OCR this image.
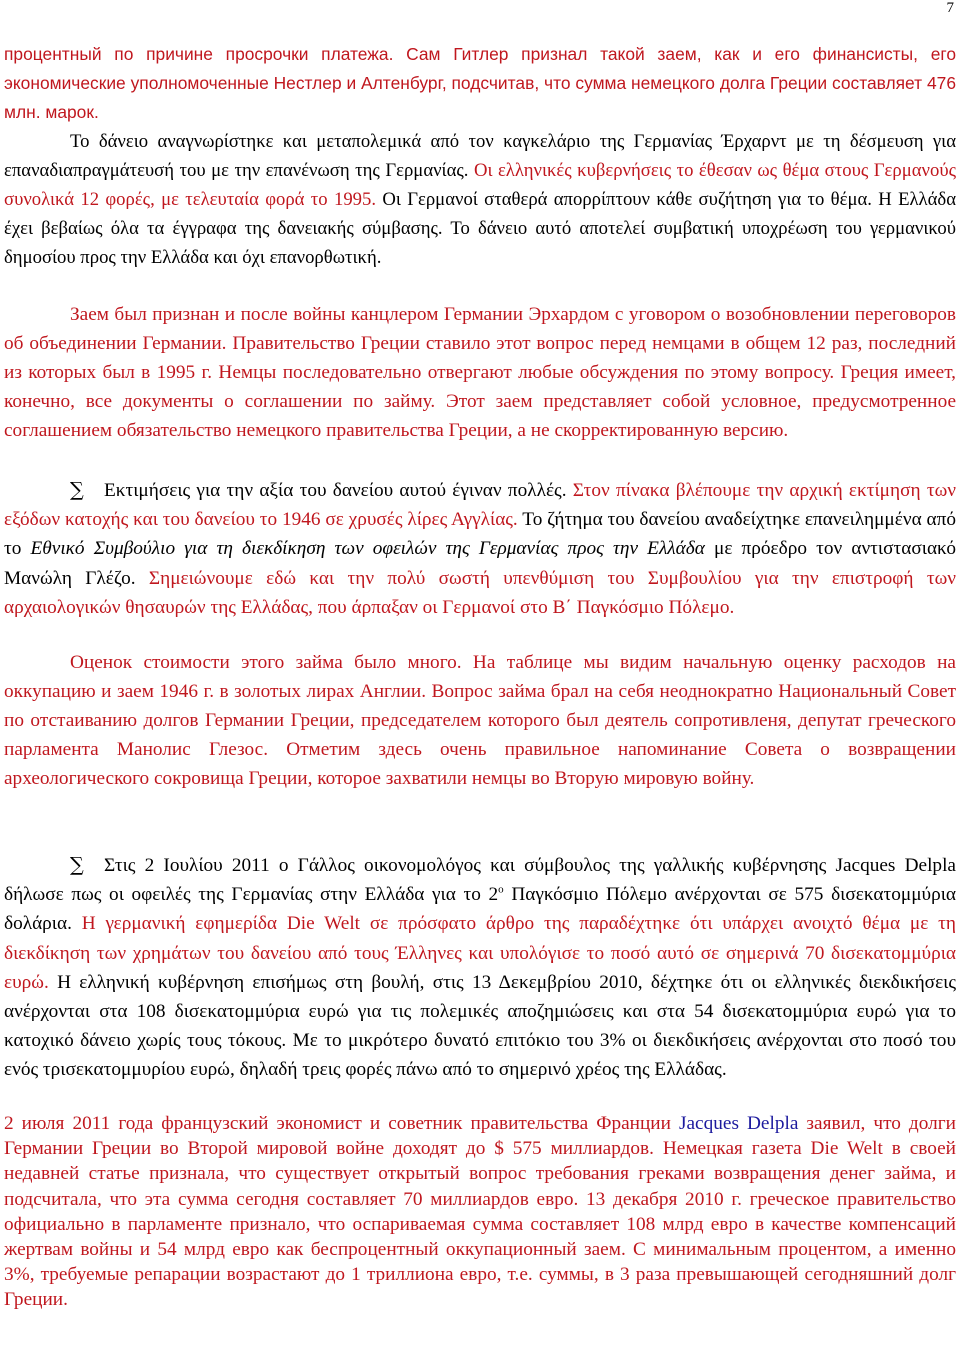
7

процентный по причине просрочки платежа. Сам Гитлер признал такой заем, как и его финансисты, его экономические уполномоченные Нестлер и Алтенбург, подсчитав, что сумма немецкого долга Греции составляет 476 млн. марок.

Το δάνειο αναγνωρίστηκε και μεταπολεμικά από τον καγκελάριο της Γερμανίας Έρχαρντ με τη δέσμευση για επαναδιαπραγμάτευσή του με την επανένωση της Γερμανίας. Οι ελληνικές κυβερνήσεις το έθεσαν ως θέμα στους Γερμανούς συνολικά 12 φορές, με τελευταία φορά το 1995. Οι Γερμανοί σταθερά απορρίπτουν κάθε συζήτηση για το θέμα. Η Ελλάδα έχει βεβαίως όλα τα έγγραφα της δανειακής σύμβασης. Το δάνειο αυτό αποτελεί συμβατική υποχρέωση του γερμανικού δημοσίου προς την Ελλάδα και όχι επανορθωτική.

Заем был признан и после войны канцлером Германии Эрхардом с уговором о возобновлении переговоров об объединении Германии. Правительство Греции ставило этот вопрос перед немцами в общем 12 раз, последний из которых был в 1995 г. Немцы последовательно отвергают любые обсуждения по этому вопросу. Греция имеет, конечно, все документы о соглашении по займу. Этот заем представляет собой условное, предусмотренное соглашением обязательство немецкого правительства Греции, а не скорректированную версию.

∑ Εκτιμήσεις για την αξία του δανείου αυτού έγιναν πολλές. Στον πίνακα βλέπουμε την αρχική εκτίμηση των εξόδων κατοχής και του δανείου το 1946 σε χρυσές λίρες Αγγλίας. Το ζήτημα του δανείου αναδείχτηκε επανειλημμένα από το Εθνικό Συμβούλιο για τη διεκδίκηση των οφειλών της Γερμανίας προς την Ελλάδα με πρόεδρο τον αντιστασιακό Μανώλη Γλέζο. Σημειώνουμε εδώ και την πολύ σωστή υπενθύμιση του Συμβουλίου για την επιστροφή των αρχαιολογικών θησαυρών της Ελλάδας, που άρπαξαν οι Γερμανοί στο Β΄ Παγκόσμιο Πόλεμο.

Оценок стоимости этого займа было много. На таблице мы видим начальную оценку расходов на оккупацию и заем 1946 г. в золотых лирах Англии. Вопрос займа брал на себя неоднократно Национальный Совет по отстаиванию долгов Германии Греции, председателем которого был деятель сопротивленя, депутат греческого парламента Манолис Глезос. Отметим здесь очень правильное напоминание Совета о возвращении археологического сокровища Греции, которое захватили немцы во Вторую мировую войну.

∑ Στις 2 Ιουλίου 2011 ο Γάλλος οικονομολόγος και σύμβουλος της γαλλικής κυβέρνησης Jacques Delpla δήλωσε πως οι οφειλές της Γερμανίας στην Ελλάδα για το $2^o$ Παγκόσμιο Πόλεμο ανέρχονται σε 575 δισεκατομμύρια δολάρια. Η γερμανική εφημερίδα Die Welt σε πρόσφατο άρθρο της παραδέχτηκε ότι υπάρχει ανοιχτό θέμα με τη διεκδίκηση των χρημάτων του δανείου από τους Έλληνες και υπολόγισε το ποσό αυτό σε σημερινά 70 δισεκατομμύρια ευρώ. Η ελληνική κυβέρνηση επισήμως στη βουλή, στις 13 Δεκεμβρίου 2010, δέχτηκε ότι οι ελληνικές διεκδικήσεις ανέρχονται στα 108 δισεκατομμύρια ευρώ για τις πολεμικές αποζημιώσεις και στα 54 δισεκατομμύρια ευρώ για το κατοχικό δάνειο χωρίς τους τόκους. Με το μικρότερο δυνατό επιτόκιο του 3% οι διεκδικήσεις ανέρχονται στο ποσό του ενός τρισεκατομμυρίου ευρώ, δηλαδή τρεις φορές πάνω από το σημερινό χρέος της Ελλάδας.

2 июля 2011 года французский экономист и советник правительства Франции Jacques Delpla заявил, что долги Германии Греции во Второй мировой войне доходят до $ 575 миллиардов. Немецкая газета Die Welt в своей недавней статье признала, что существует открытый вопрос требования греками возвращения денег займа, и подсчитала, что эта сумма сегодня составляет 70 миллиардов евро. 13 декабря 2010 г. греческое правительство официально в парламенте признало, что оспариваемая сумма составляет 108 млрд евро в качестве компенсаций жертвам войны и 54 млрд евро как беспроцентный оккупационный заем. С минимальным процентом, а именно 3%, требуемые репарации возрастают до 1 триллиона евро, т.е. суммы, в 3 раза превышающей сегодняшний долг Греции.
